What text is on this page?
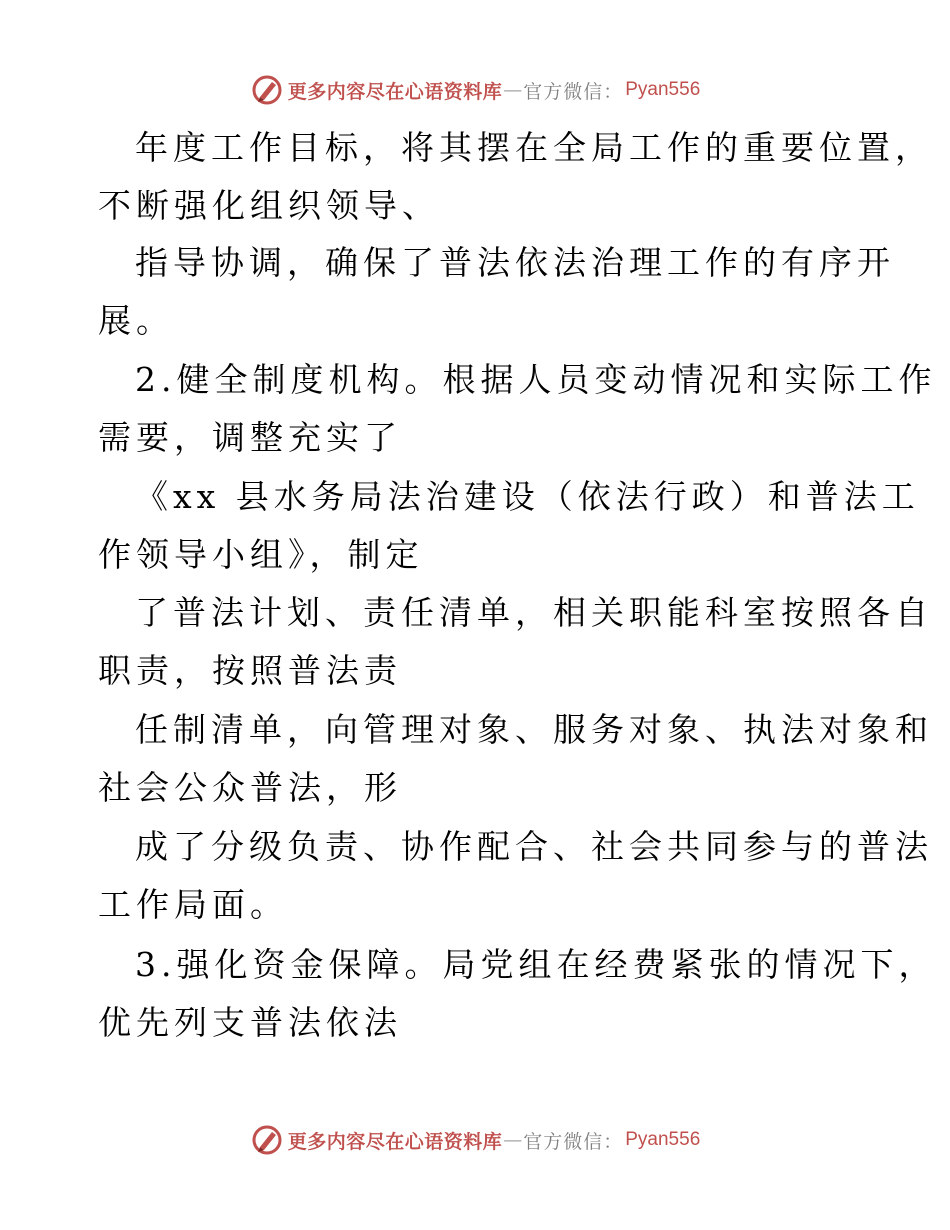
更多内容尽在心语资料库 — 官方微信： Pyan556
年度工作目标，将其摆在全局工作的重要位置，
不断强化组织领导、
指导协调，确保了普法依法治理工作的有序开
展。
2.健全制度机构。根据人员变动情况和实际工作
需要，调整充实了
《xx 县水务局法治建设（依法行政）和普法工
作领导小组》，制定
了普法计划、责任清单，相关职能科室按照各自
职责，按照普法责
任制清单，向管理对象、服务对象、执法对象和
社会公众普法，形
成了分级负责、协作配合、社会共同参与的普法
工作局面。
3.强化资金保障。局党组在经费紧张的情况下，
优先列支普法依法
更多内容尽在心语资料库 — 官方微信： Pyan556
